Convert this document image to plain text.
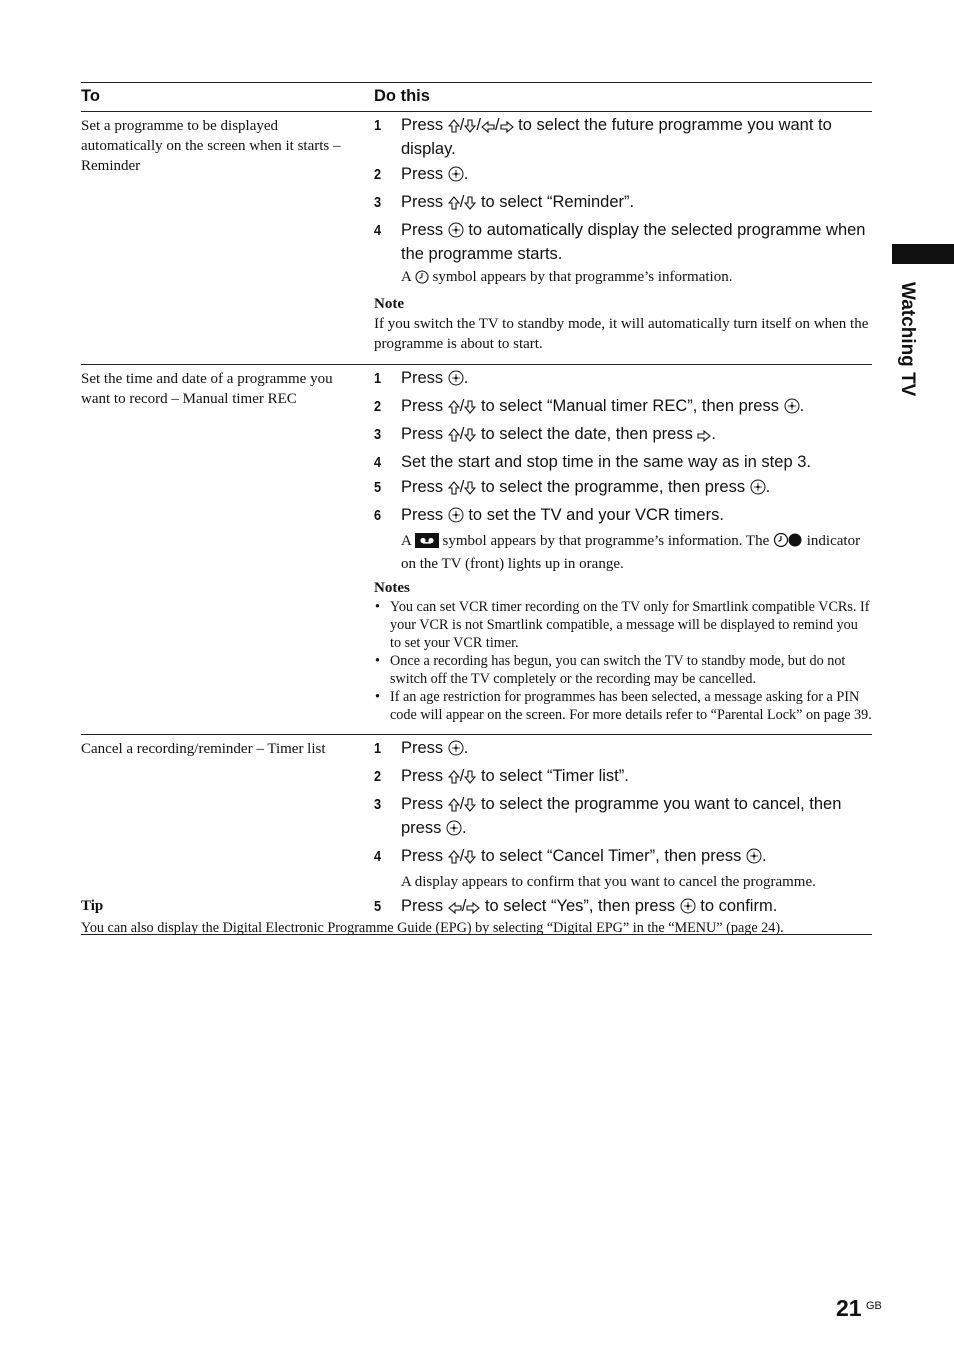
To	Do this
Set a programme to be displayed automatically on the screen when it starts – Reminder
1 Press / / / to select the future programme you want to display.
2 Press .
3 Press / to select “Reminder”.
4 Press  to automatically display the selected programme when the programme starts.
A  symbol appears by that programme’s information.
Note
If you switch the TV to standby mode, it will automatically turn itself on when the programme is about to start.
Set the time and date of a programme you want to record – Manual timer REC
1 Press .
2 Press / to select “Manual timer REC”, then press .
3 Press / to select the date, then press .
4 Set the start and stop time in the same way as in step 3.
5 Press / to select the programme, then press .
6 Press  to set the TV and your VCR timers.
A  symbol appears by that programme’s information. The  indicator on the TV (front) lights up in orange.
Notes
• You can set VCR timer recording on the TV only for Smartlink compatible VCRs. If your VCR is not Smartlink compatible, a message will be displayed to remind you to set your VCR timer.
• Once a recording has begun, you can switch the TV to standby mode, but do not switch off the TV completely or the recording may be cancelled.
• If an age restriction for programmes has been selected, a message asking for a PIN code will appear on the screen. For more details refer to “Parental Lock” on page 39.
Cancel a recording/reminder – Timer list	1 Press .
2 Press / to select “Timer list”.
3 Press / to select the programme you want to cancel, then press .
4 Press / to select “Cancel Timer”, then press .
A display appears to confirm that you want to cancel the programme.
5 Press / to select “Yes”, then press  to confirm.
Tip
You can also display the Digital Electronic Programme Guide (EPG) by selecting “Digital EPG” in the “MENU” (page 24).
Watching TV
21 GB
